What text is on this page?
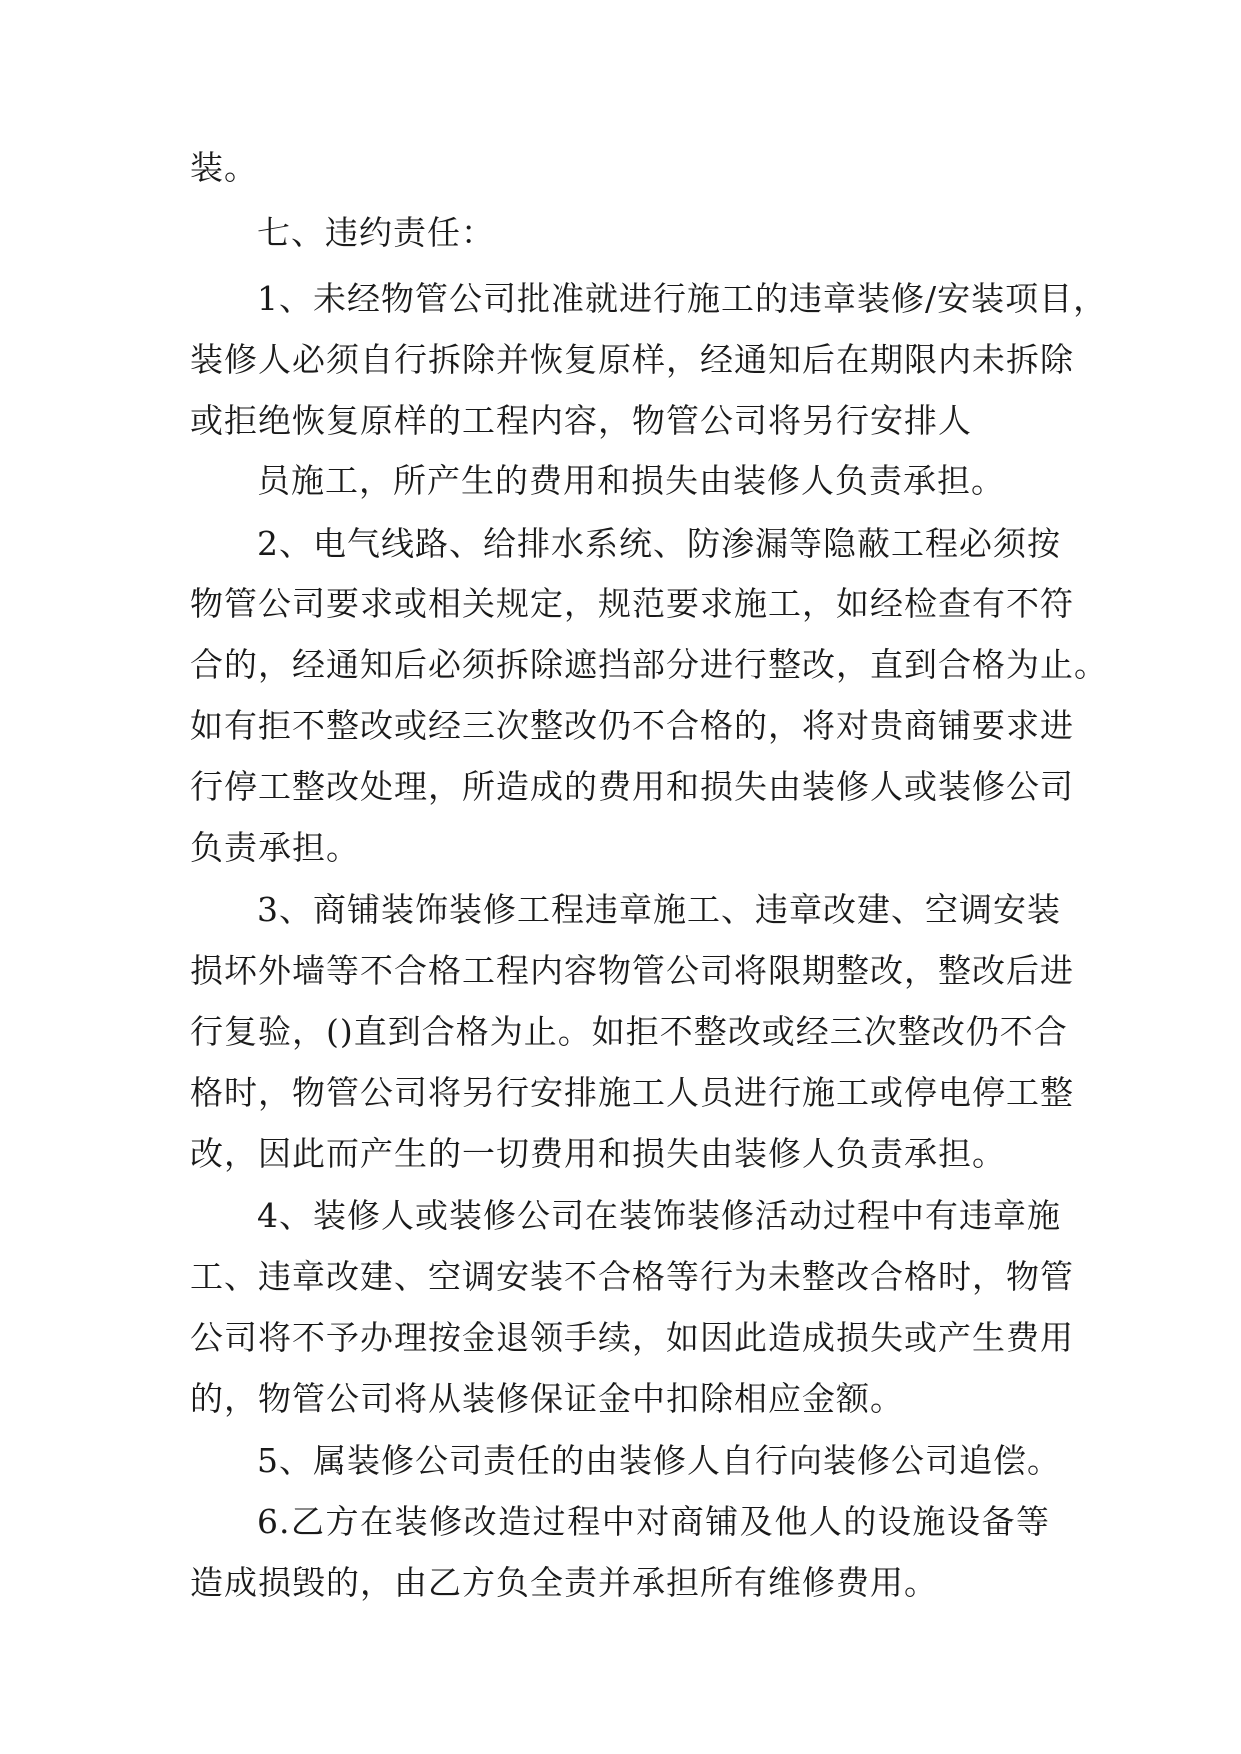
装。
七、违约责任：
1、未经物管公司批准就进行施工的违章装修/安装项目，
装修人必须自行拆除并恢复原样，经通知后在期限内未拆除
或拒绝恢复原样的工程内容，物管公司将另行安排人
员施工，所产生的费用和损失由装修人负责承担。
2、电气线路、给排水系统、防渗漏等隐蔽工程必须按
物管公司要求或相关规定，规范要求施工，如经检查有不符
合的，经通知后必须拆除遮挡部分进行整改，直到合格为止。
如有拒不整改或经三次整改仍不合格的，将对贵商铺要求进
行停工整改处理，所造成的费用和损失由装修人或装修公司
负责承担。
3、商铺装饰装修工程违章施工、违章改建、空调安装
损坏外墙等不合格工程内容物管公司将限期整改，整改后进
行复验，()直到合格为止。如拒不整改或经三次整改仍不合
格时，物管公司将另行安排施工人员进行施工或停电停工整
改，因此而产生的一切费用和损失由装修人负责承担。
4、装修人或装修公司在装饰装修活动过程中有违章施
工、违章改建、空调安装不合格等行为未整改合格时，物管
公司将不予办理按金退领手续，如因此造成损失或产生费用
的，物管公司将从装修保证金中扣除相应金额。
5、属装修公司责任的由装修人自行向装修公司追偿。
6.乙方在装修改造过程中对商铺及他人的设施设备等
造成损毁的，由乙方负全责并承担所有维修费用。
